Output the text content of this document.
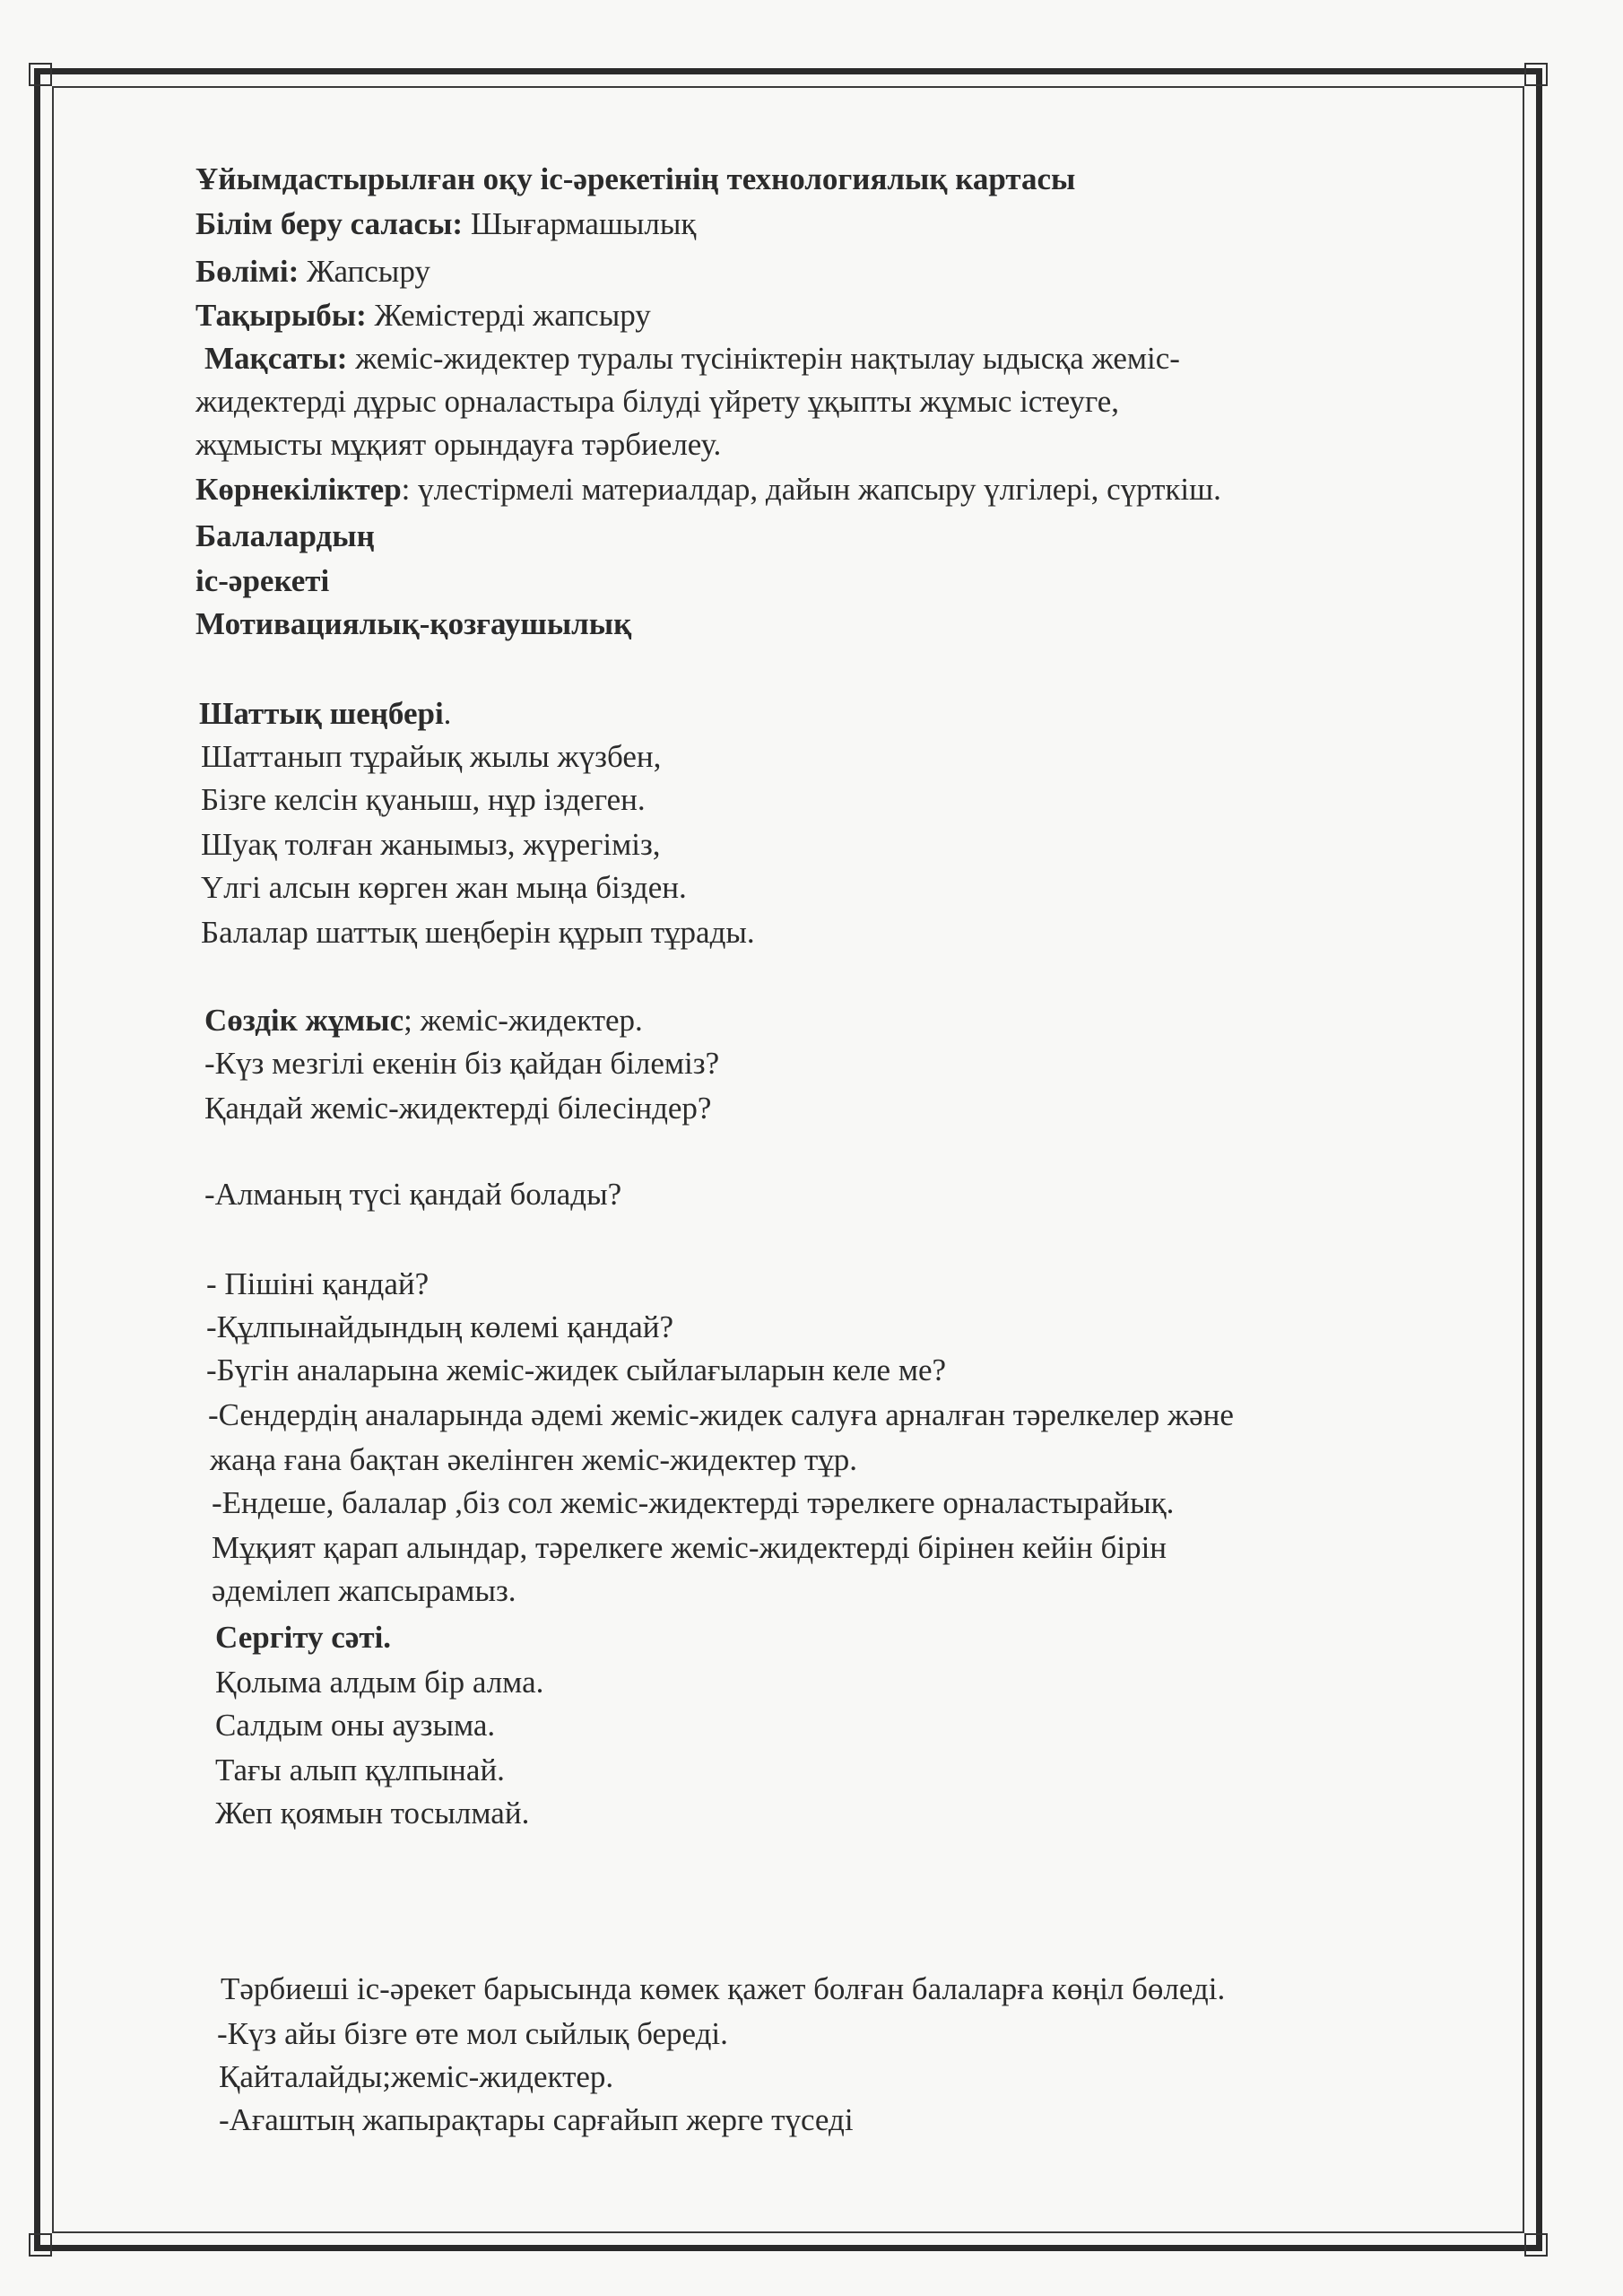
Ұйымдастырылған оқу іс-әрекетінің технологиялық картасы
Білім беру саласы: Шығармашылық
Бөлімі: Жапсыру
Тақырыбы: Жемістерді жапсыру
Мақсаты: жеміс-жидектер туралы түсініктерін нақтылау ыдысқа жеміс-
жидектерді дұрыс орналастыра білуді үйрету ұқыпты жұмыс істеуге,
жұмысты мұқият орындауға тәрбиелеу.
Көрнекіліктер: үлестірмелі материалдар, дайын жапсыру үлгілері, сүрткіш.
Балалардың
іс-әрекеті
Мотивациялық-қозғаушылық
Шаттық шеңбері.
Шаттанып тұрайық жылы жүзбен,
Бізге келсін қуаныш, нұр іздеген.
Шуақ толған жанымыз, жүрегіміз,
Үлгі алсын көрген жан мыңа бізден.
Балалар шаттық шеңберін құрып тұрады.
Сөздік жұмыс; жеміс-жидектер.
-Күз мезгілі екенін біз қайдан білеміз?
Қандай жеміс-жидектерді білесіндер?
-Алманың түсі қандай болады?
- Пішіні қандай?
-Құлпынайдындың көлемі қандай?
-Бүгін аналарына жеміс-жидек сыйлағыларын келе ме?
-Сендердің аналарында әдемі жеміс-жидек салуға арналған тәрелкелер және
жаңа ғана бақтан әкелінген жеміс-жидектер тұр.
-Ендеше, балалар ,біз сол жеміс-жидектерді тәрелкеге орналастырайық.
Мұқият қарап алындар, тәрелкеге жеміс-жидектерді бірінен кейін бірін
әдемілеп жапсырамыз.
Сергіту сәті.
Қолыма алдым бір алма.
Салдым оны аузыма.
Тағы алып құлпынай.
Жеп қоямын тосылмай.
Тәрбиеші іс-әрекет барысында көмек қажет болған балаларға көңіл бөледі.
-Күз айы бізге өте мол сыйлық береді.
Қайталайды;жеміс-жидектер.
-Ағаштың жапырақтары сарғайып жерге түседі
